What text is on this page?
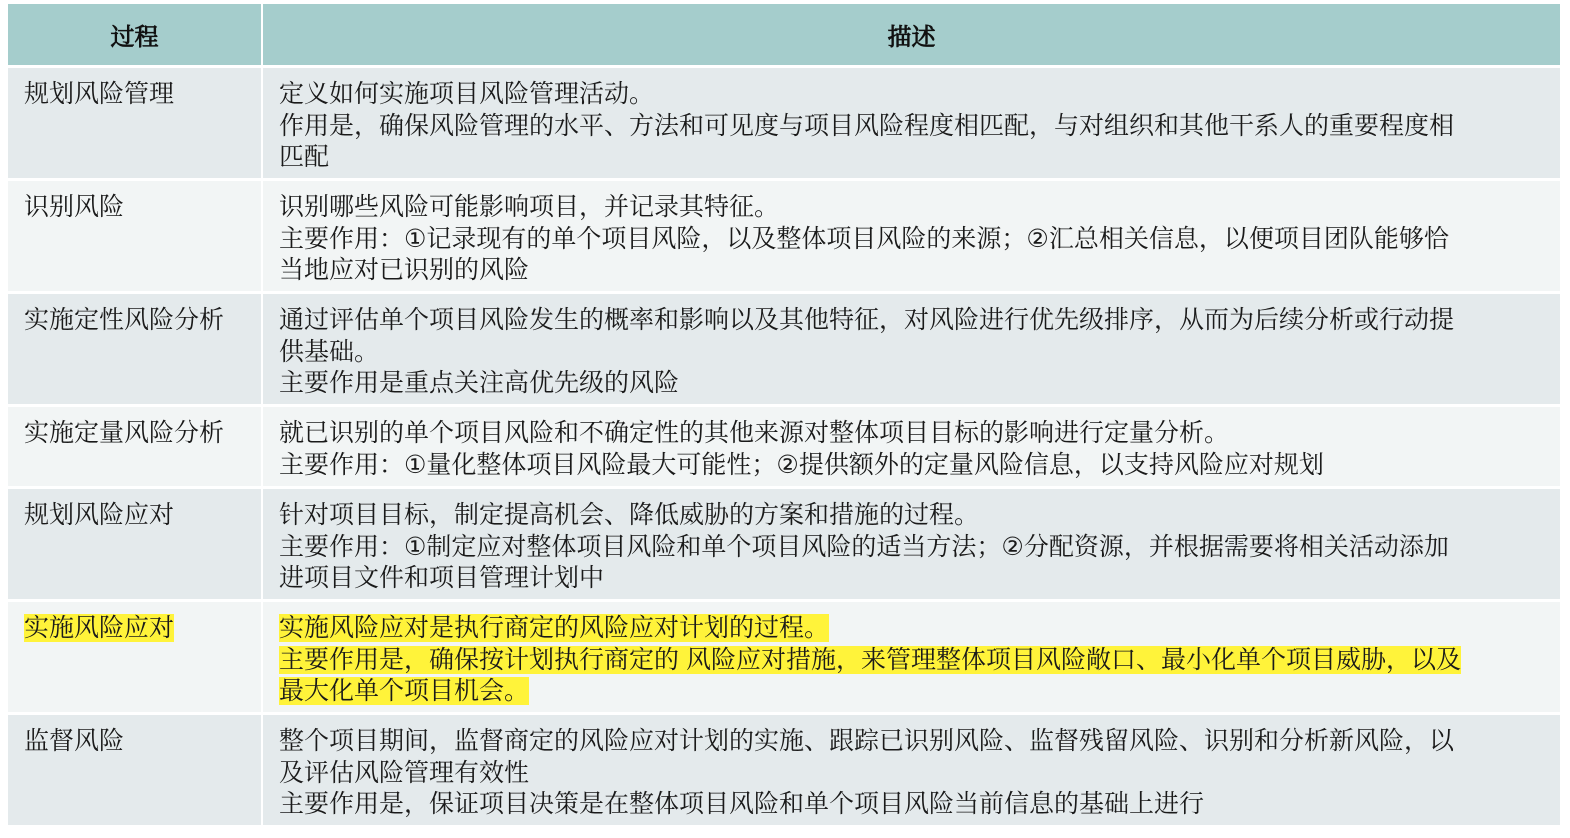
过程	描述
规划风险管理	定义如何实施项目风险管理活动。
作用是，确保风险管理的水平、方法和可见度与项目风险程度相匹配，与对组织和其他干系人的重要程度相
匹配
识别风险	识别哪些风险可能影响项目，并记录其特征。
主要作用：①记录现有的单个项目风险，以及整体项目风险的来源；②汇总相关信息，以便项目团队能够恰
当地应对已识别的风险
实施定性风险分析	通过评估单个项目风险发生的概率和影响以及其他特征，对风险进行优先级排序，从而为后续分析或行动提
供基础。
主要作用是重点关注高优先级的风险
实施定量风险分析	就已识别的单个项目风险和不确定性的其他来源对整体项目目标的影响进行定量分析。
主要作用：①量化整体项目风险最大可能性；②提供额外的定量风险信息，以支持风险应对规划
规划风险应对	针对项目目标，制定提高机会、降低威胁的方案和措施的过程。
主要作用：①制定应对整体项目风险和单个项目风险的适当方法；②分配资源，并根据需要将相关活动添加
进项目文件和项目管理计划中
实施风险应对	实施风险应对是执行商定的风险应对计划的过程。
主要作用是，确保按计划执行商定的 风险应对措施，来管理整体项目风险敞口、最小化单个项目威胁，以及
最大化单个项目机会。
监督风险	整个项目期间，监督商定的风险应对计划的实施、跟踪已识别风险、监督残留风险、识别和分析新风险，以
及评估风险管理有效性
主要作用是，保证项目决策是在整体项目风险和单个项目风险当前信息的基础上进行
